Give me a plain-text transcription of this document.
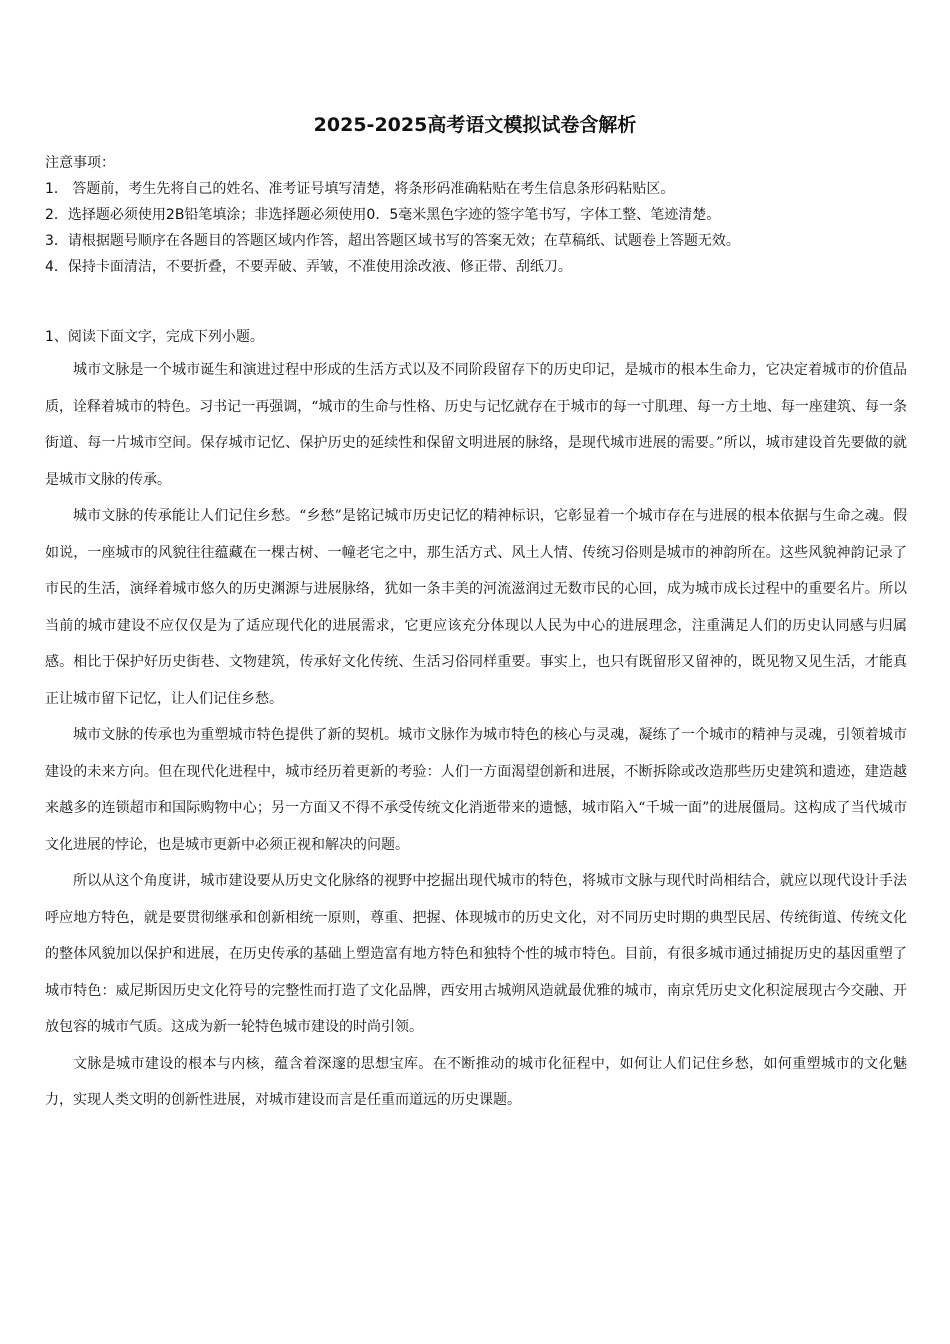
2025-2025高考语文模拟试卷含解析
注意事项：
1． 答题前，考生先将自己的姓名、准考证号填写清楚，将条形码准确粘贴在考生信息条形码粘贴区。
2．选择题必须使用2B铅笔填涂；非选择题必须使用0．5毫米黑色字迹的签字笔书写，字体工整、笔迹清楚。
3．请根据题号顺序在各题目的答题区域内作答，超出答题区域书写的答案无效；在草稿纸、试题卷上答题无效。
4．保持卡面清洁，不要折叠，不要弄破、弄皱，不准使用涂改液、修正带、刮纸刀。
1、阅读下面文字，完成下列小题。

城市文脉是一个城市诞生和演进过程中形成的生活方式以及不同阶段留存下的历史印记，是城市的根本生命力，它决定着城市的价值品质，诠释着城市的特色。习书记一再强调，“城市的生命与性格、历史与记忆就存在于城市的每一寸肌理、每一方土地、每一座建筑、每一条街道、每一片城市空间。保存城市记忆、保护历史的延续性和保留文明进展的脉络，是现代城市进展的需要。”所以，城市建设首先要做的就是城市文脉的传承。

城市文脉的传承能让人们记住乡愁。“乡愁”是铭记城市历史记忆的精神标识，它彰显着一个城市存在与进展的根本依据与生命之魂。假如说，一座城市的风貌往往蕴藏在一棵古树、一幢老宅之中，那生活方式、风土人情、传统习俗则是城市的神韵所在。这些风貌神韵记录了市民的生活，演绎着城市悠久的历史渊源与进展脉络，犹如一条丰美的河流滋润过无数市民的心回，成为城市成长过程中的重要名片。所以当前的城市建设不应仅仅是为了适应现代化的进展需求，它更应该充分体现以人民为中心的进展理念，注重满足人们的历史认同感与归属感。相比于保护好历史街巷、文物建筑，传承好文化传统、生活习俗同样重要。事实上，也只有既留形又留神的，既见物又见生活，才能真正让城市留下记忆，让人们记住乡愁。

城市文脉的传承也为重塑城市特色提供了新的契机。城市文脉作为城市特色的核心与灵魂，凝练了一个城市的精神与灵魂，引领着城市建设的未来方向。但在现代化进程中，城市经历着更新的考验：人们一方面渴望创新和进展，不断拆除或改造那些历史建筑和遗迹，建造越来越多的连锁超市和国际购物中心；另一方面又不得不承受传统文化消逝带来的遗憾，城市陷入“千城一面”的进展僵局。这构成了当代城市文化进展的悖论，也是城市更新中必须正视和解决的问题。

所以从这个角度讲，城市建设要从历史文化脉络的视野中挖掘出现代城市的特色，将城市文脉与现代时尚相结合，就应以现代设计手法呼应地方特色，就是要贯彻继承和创新相统一原则，尊重、把握、体现城市的历史文化，对不同历史时期的典型民居、传统街道、传统文化的整体风貌加以保护和进展，在历史传承的基础上塑造富有地方特色和独特个性的城市特色。目前，有很多城市通过捕捉历史的基因重塑了城市特色：威尼斯因历史文化符号的完整性而打造了文化品牌，西安用古城朔风造就最优雅的城市，南京凭历史文化积淀展现古今交融、开放包容的城市气质。这成为新一轮特色城市建设的时尚引领。

文脉是城市建设的根本与内核，蕴含着深邃的思想宝库。在不断推动的城市化征程中，如何让人们记住乡愁，如何重塑城市的文化魅力，实现人类文明的创新性进展，对城市建设而言是任重而道远的历史课题。
